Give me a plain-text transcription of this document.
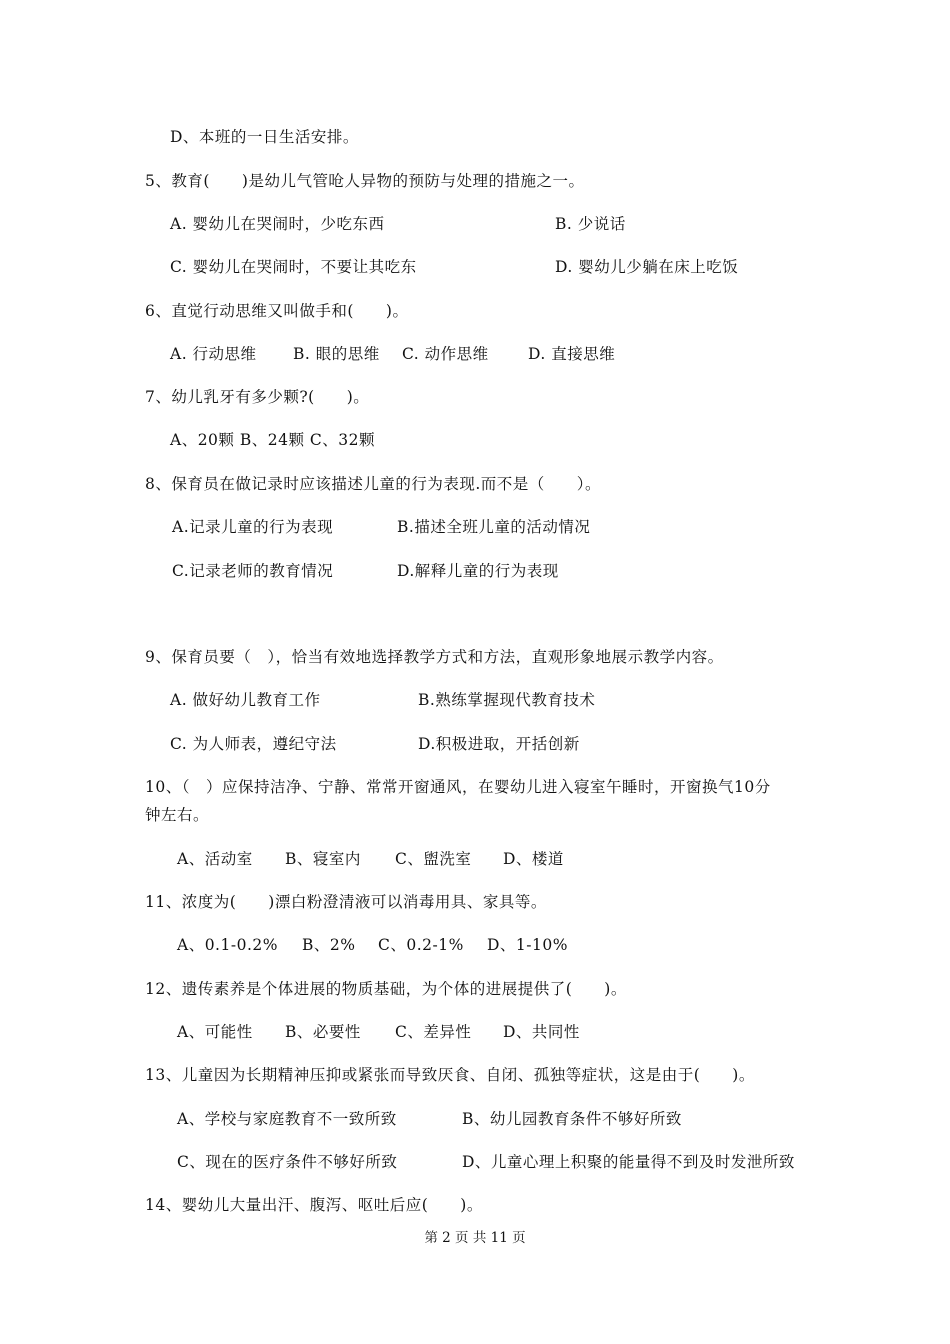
D、本班的一日生活安排。
5、教育(　　)是幼儿气管呛人异物的预防与处理的措施之一。
A. 婴幼儿在哭闹时，少吃东西	B. 少说话
C. 婴幼儿在哭闹时，不要让其吃东	D. 婴幼儿少躺在床上吃饭
6、直觉行动思维又叫做手和(　　)。
A. 行动思维 B. 眼的思维 C. 动作思维	D. 直接思维
7、幼儿乳牙有多少颗?(　　)。
A、20颗 B、24颗 C、32颗
8、保育员在做记录时应该描述儿童的行为表现.而不是（　　）。
A.记录儿童的行为表现	B.描述全班儿童的活动情况
C.记录老师的教育情况	D.解释儿童的行为表现
9、保育员要（　），恰当有效地选择教学方式和方法，直观形象地展示教学内容。
A. 做好幼儿教育工作	B.熟练掌握现代教育技术
C. 为人师表，遵纪守法	D.积极进取，开括创新
10、（　）应保持洁净、宁静、常常开窗通风，在婴幼儿进入寝室午睡时，开窗换气10分
钟左右。
A、活动室 B、寝室内 C、盥洗室 D、楼道
11、浓度为(　　)漂白粉澄清液可以消毒用具、家具等。
A、0.1-0.2% B、2% C、0.2-1% D、1-10%
12、遗传素养是个体进展的物质基础，为个体的进展提供了(　　)。
A、可能性 B、必要性 C、差异性 D、共同性
13、儿童因为长期精神压抑或紧张而导致厌食、自闭、孤独等症状，这是由于(　　)。
A、学校与家庭教育不一致所致	B、幼儿园教育条件不够好所致
C、现在的医疗条件不够好所致	D、儿童心理上积聚的能量得不到及时发泄所致
14、婴幼儿大量出汗、腹泻、呕吐后应(　　)。
第 2 页 共 11 页
